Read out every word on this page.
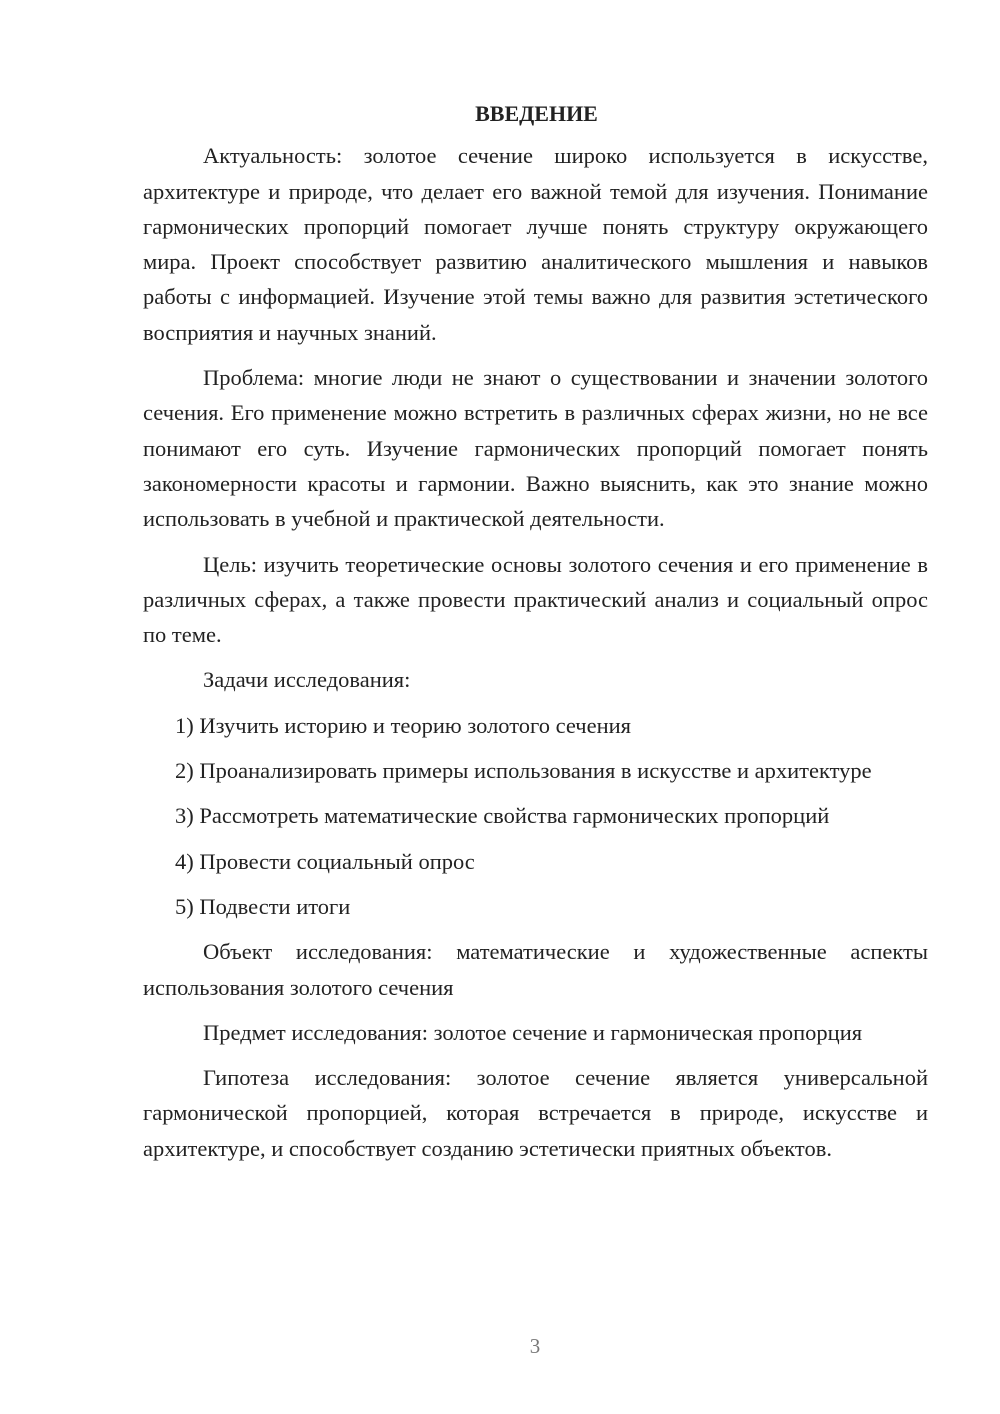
ВВЕДЕНИЕ

Актуальность: золотое сечение широко используется в искусстве, архитектуре и природе, что делает его важной темой для изучения. Понимание гармонических пропорций помогает лучше понять структуру окружающего мира. Проект способствует развитию аналитического мышления и навыков работы с информацией. Изучение этой темы важно для развития эстетического восприятия и научных знаний.

Проблема: многие люди не знают о существовании и значении золотого сечения. Его применение можно встретить в различных сферах жизни, но не все понимают его суть. Изучение гармонических пропорций помогает понять закономерности красоты и гармонии. Важно выяснить, как это знание можно использовать в учебной и практической деятельности.

Цель: изучить теоретические основы золотого сечения и его применение в различных сферах, а также провести практический анализ и социальный опрос по теме.

Задачи исследования:

1) Изучить историю и теорию золотого сечения

2) Проанализировать примеры использования в искусстве и архитектуре

3) Рассмотреть математические свойства гармонических пропорций

4) Провести социальный опрос

5) Подвести итоги

Объект исследования: математические и художественные аспекты использования золотого сечения

Предмет исследования: золотое сечение и гармоническая пропорция

Гипотеза исследования: золотое сечение является универсальной гармонической пропорцией, которая встречается в природе, искусстве и архитектуре, и способствует созданию эстетически приятных объектов.

3
